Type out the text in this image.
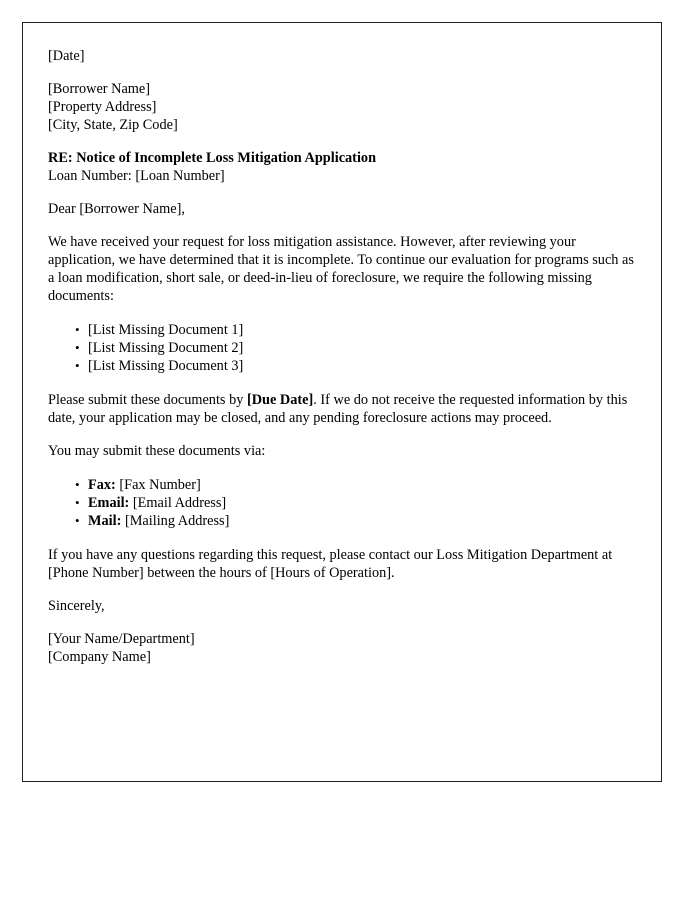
[Date]
[Borrower Name]
[Property Address]
[City, State, Zip Code]
RE: Notice of Incomplete Loss Mitigation Application
Loan Number: [Loan Number]
Dear [Borrower Name],

We have received your request for loss mitigation assistance. However, after reviewing your application, we have determined that it is incomplete. To continue our evaluation for programs such as a loan modification, short sale, or deed-in-lieu of foreclosure, we require the following missing documents:

• [List Missing Document 1]
• [List Missing Document 2]
• [List Missing Document 3]

Please submit these documents by [Due Date]. If we do not receive the requested information by this date, your application may be closed, and any pending foreclosure actions may proceed.

You may submit these documents via:

• Fax: [Fax Number]
• Email: [Email Address]
• Mail: [Mailing Address]

If you have any questions regarding this request, please contact our Loss Mitigation Department at [Phone Number] between the hours of [Hours of Operation].

Sincerely,
[Your Name/Department]
[Company Name]
